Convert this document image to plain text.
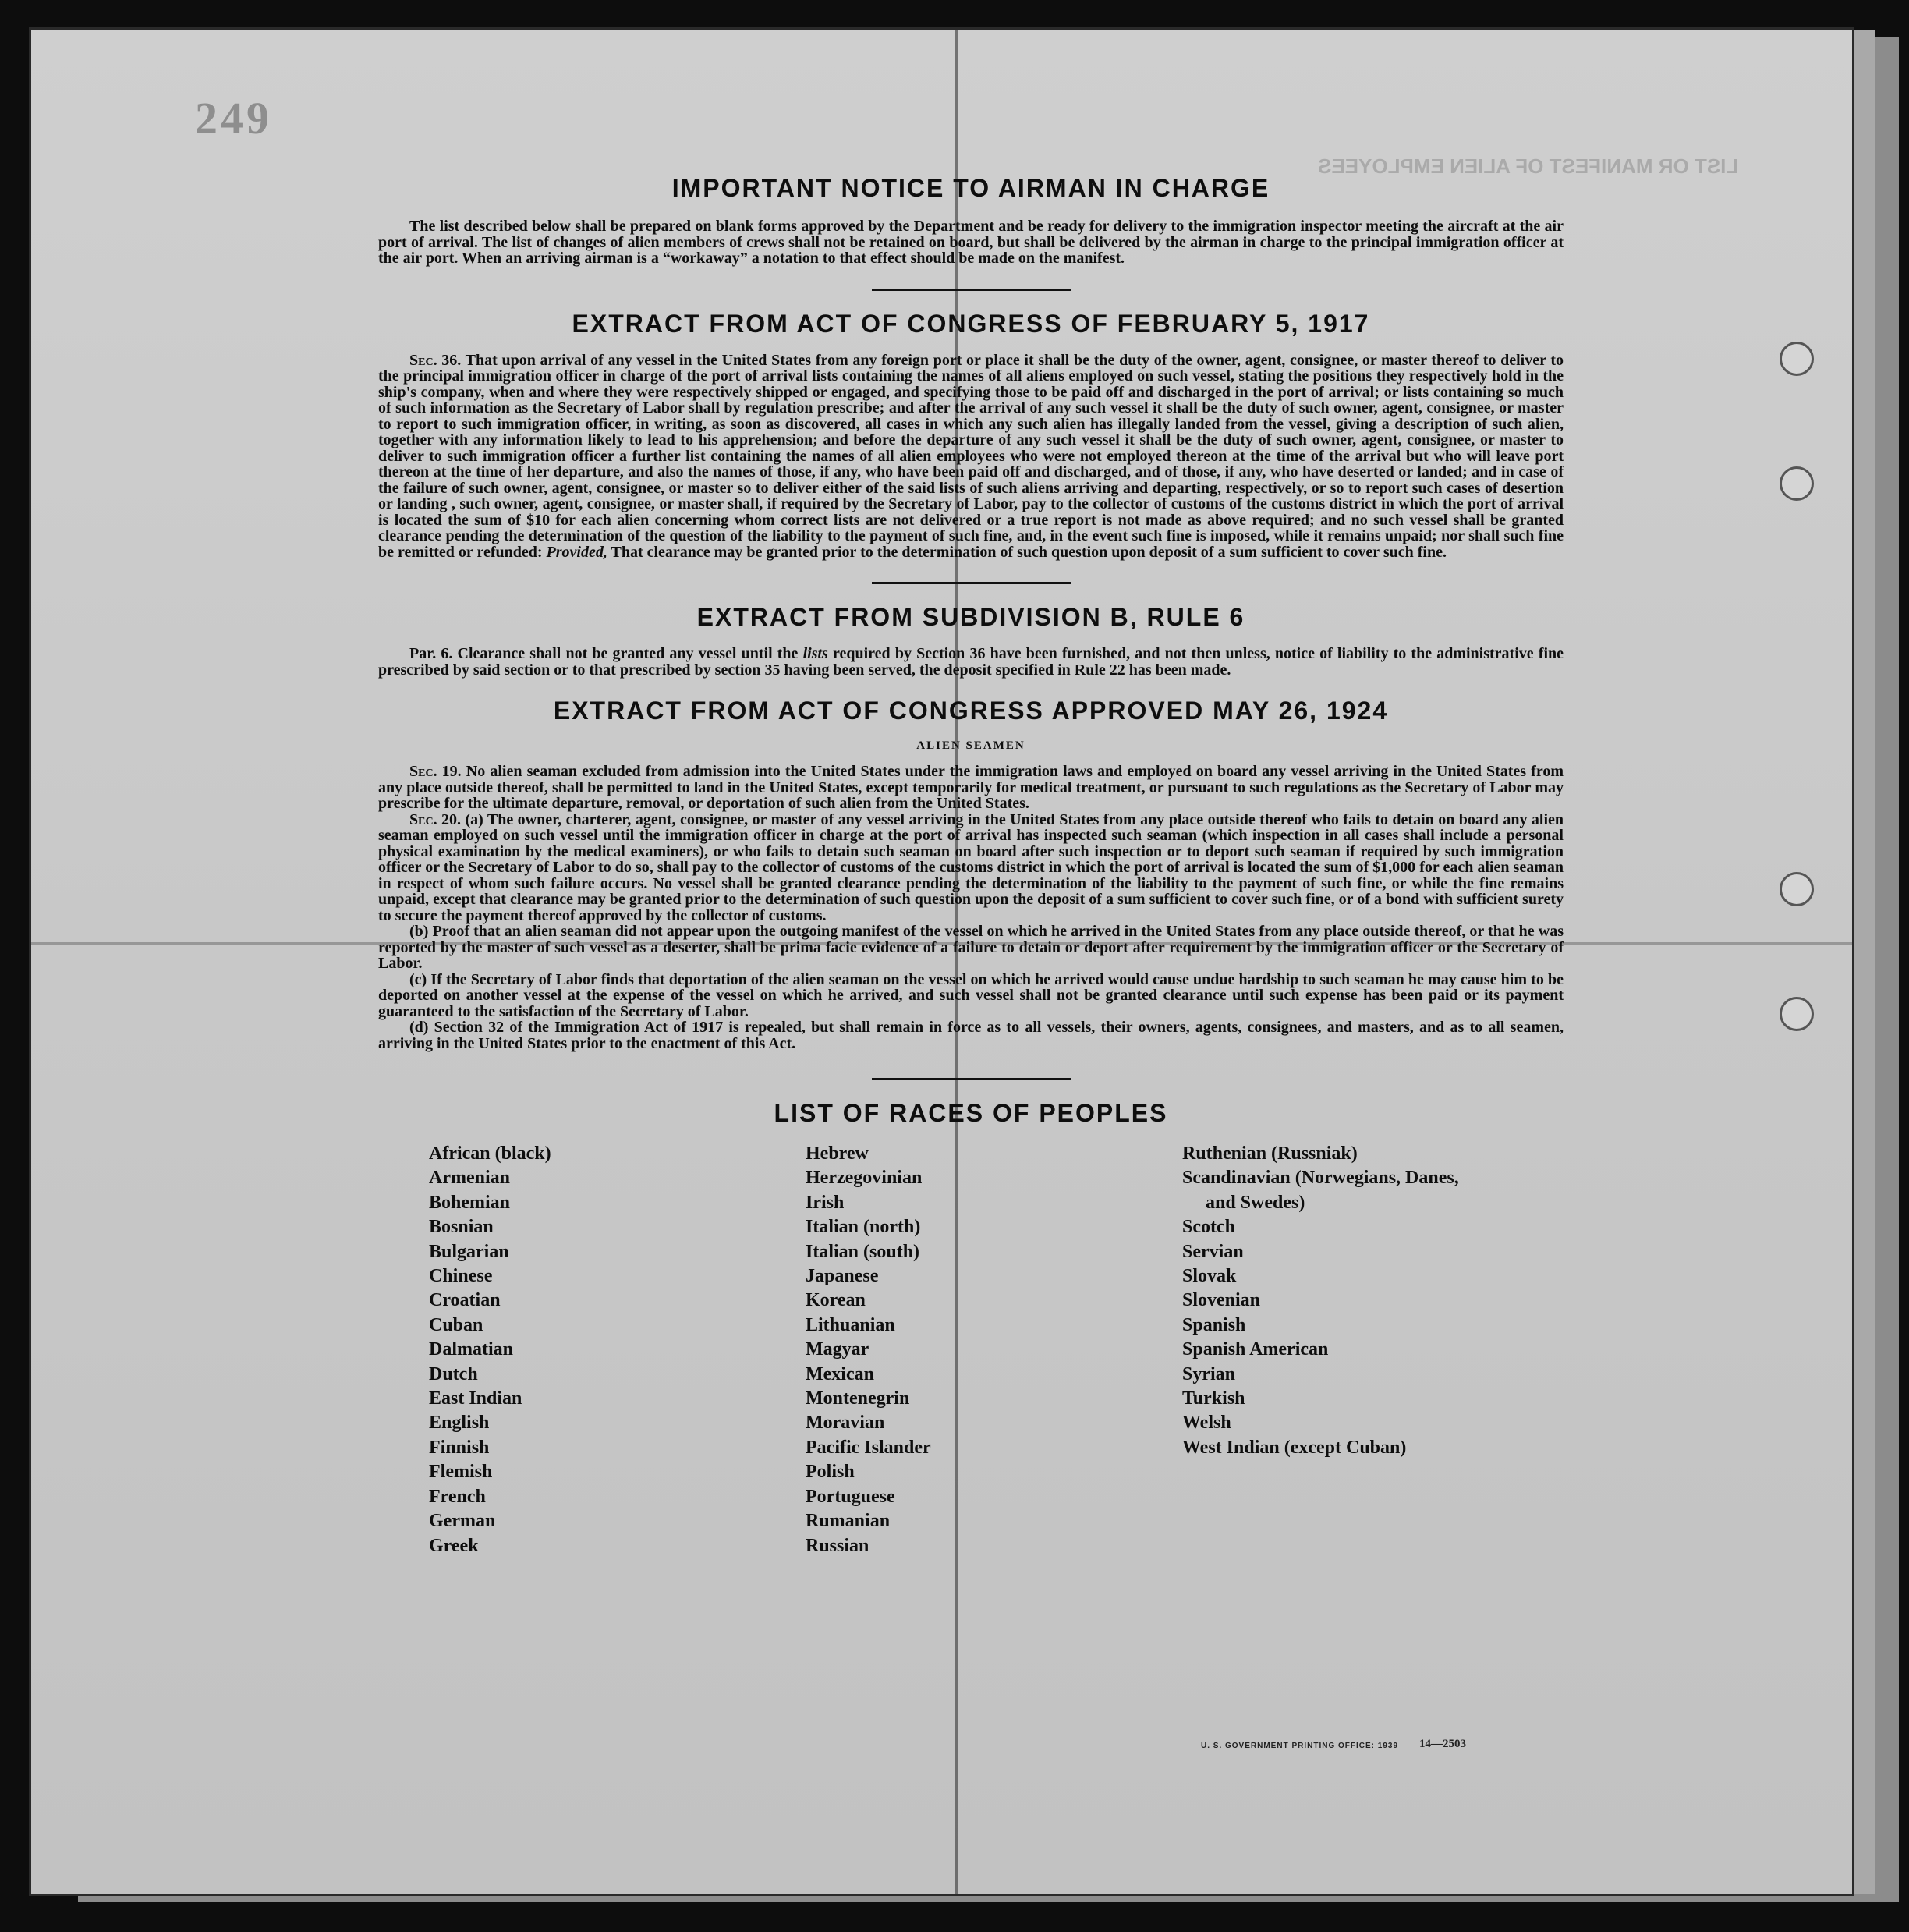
249
LIST OR MANIFEST OF ALIEN EMPLOYEES
IMPORTANT NOTICE TO AIRMAN IN CHARGE

The list described below shall be prepared on blank forms approved by the Department and be ready for delivery to the immigration inspector meeting the aircraft at the air port of arrival. The list of changes of alien members of crews shall not be retained on board, but shall be delivered by the airman in charge to the principal immigration officer at the air port. When an arriving airman is a “workaway” a notation to that effect should be made on the manifest.

EXTRACT FROM ACT OF CONGRESS OF FEBRUARY 5, 1917

Sec. 36. That upon arrival of any vessel in the United States from any foreign port or place it shall be the duty of the owner, agent, consignee, or master thereof to deliver to the principal immigration officer in charge of the port of arrival lists containing the names of all aliens employed on such vessel, stating the positions they respectively hold in the ship's company, when and where they were respectively shipped or engaged, and specifying those to be paid off and discharged in the port of arrival; or lists containing so much of such information as the Secretary of Labor shall by regulation prescribe; and after the arrival of any such vessel it shall be the duty of such owner, agent, consignee, or master to report to such immigration officer, in writing, as soon as discovered, all cases in which any such alien has illegally landed from the vessel, giving a description of such alien, together with any information likely to lead to his apprehension; and before the departure of any such vessel it shall be the duty of such owner, agent, consignee, or master to deliver to such immigration officer a further list containing the names of all alien employees who were not employed thereon at the time of the arrival but who will leave port thereon at the time of her departure, and also the names of those, if any, who have been paid off and discharged, and of those, if any, who have deserted or landed; and in case of the failure of such owner, agent, consignee, or master so to deliver either of the said lists of such aliens arriving and departing, respectively, or so to report such cases of desertion or landing , such owner, agent, consignee, or master shall, if required by the Secretary of Labor, pay to the collector of customs of the customs district in which the port of arrival is located the sum of $10 for each alien concerning whom correct lists are not delivered or a true report is not made as above required; and no such vessel shall be granted clearance pending the determination of the question of the liability to the payment of such fine, and, in the event such fine is imposed, while it remains unpaid; nor shall such fine be remitted or refunded: Provided, That clearance may be granted prior to the determination of such question upon deposit of a sum sufficient to cover such fine.

EXTRACT FROM SUBDIVISION B, RULE 6

Par. 6. Clearance shall not be granted any vessel until the lists required by Section 36 have been furnished, and not then unless, notice of liability to the administrative fine prescribed by said section or to that prescribed by section 35 having been served, the deposit specified in Rule 22 has been made.

EXTRACT FROM ACT OF CONGRESS APPROVED MAY 26, 1924
ALIEN SEAMEN

Sec. 19. No alien seaman excluded from admission into the United States under the immigration laws and employed on board any vessel arriving in the United States from any place outside thereof, shall be permitted to land in the United States, except temporarily for medical treatment, or pursuant to such regulations as the Secretary of Labor may prescribe for the ultimate departure, removal, or deportation of such alien from the United States.

Sec. 20. (a) The owner, charterer, agent, consignee, or master of any vessel arriving in the United States from any place outside thereof who fails to detain on board any alien seaman employed on such vessel until the immigration officer in charge at the port of arrival has inspected such seaman (which inspection in all cases shall include a personal physical examination by the medical examiners), or who fails to detain such seaman on board after such inspection or to deport such seaman if required by such immigration officer or the Secretary of Labor to do so, shall pay to the collector of customs of the customs district in which the port of arrival is located the sum of $1,000 for each alien seaman in respect of whom such failure occurs. No vessel shall be granted clearance pending the determination of the liability to the payment of such fine, or while the fine remains unpaid, except that clearance may be granted prior to the determination of such question upon the deposit of a sum sufficient to cover such fine, or of a bond with sufficient surety to secure the payment thereof approved by the collector of customs.

(b) Proof that an alien seaman did not appear upon the outgoing manifest of the vessel on which he arrived in the United States from any place outside thereof, or that he was reported by the master of such vessel as a deserter, shall be prima facie evidence of a failure to detain or deport after requirement by the immigration officer or the Secretary of Labor.

(c) If the Secretary of Labor finds that deportation of the alien seaman on the vessel on which he arrived would cause undue hardship to such seaman he may cause him to be deported on another vessel at the expense of the vessel on which he arrived, and such vessel shall not be granted clearance until such expense has been paid or its payment guaranteed to the satisfaction of the Secretary of Labor.

(d) Section 32 of the Immigration Act of 1917 is repealed, but shall remain in force as to all vessels, their owners, agents, consignees, and masters, and as to all seamen, arriving in the United States prior to the enactment of this Act.

LIST OF RACES OF PEOPLES
African (black)
Armenian
Bohemian
Bosnian
Bulgarian
Chinese
Croatian
Cuban
Dalmatian
Dutch
East Indian
English
Finnish
Flemish
French
German
Greek
Hebrew
Herzegovinian
Irish
Italian (north)
Italian (south)
Japanese
Korean
Lithuanian
Magyar
Mexican
Montenegrin
Moravian
Pacific Islander
Polish
Portuguese
Rumanian
Russian
Ruthenian (Russniak)
Scandinavian (Norwegians, Danes,
and Swedes)
Scotch
Servian
Slovak
Slovenian
Spanish
Spanish American
Syrian
Turkish
Welsh
West Indian (except Cuban)
U. S. GOVERNMENT PRINTING OFFICE: 1939 14—2503
